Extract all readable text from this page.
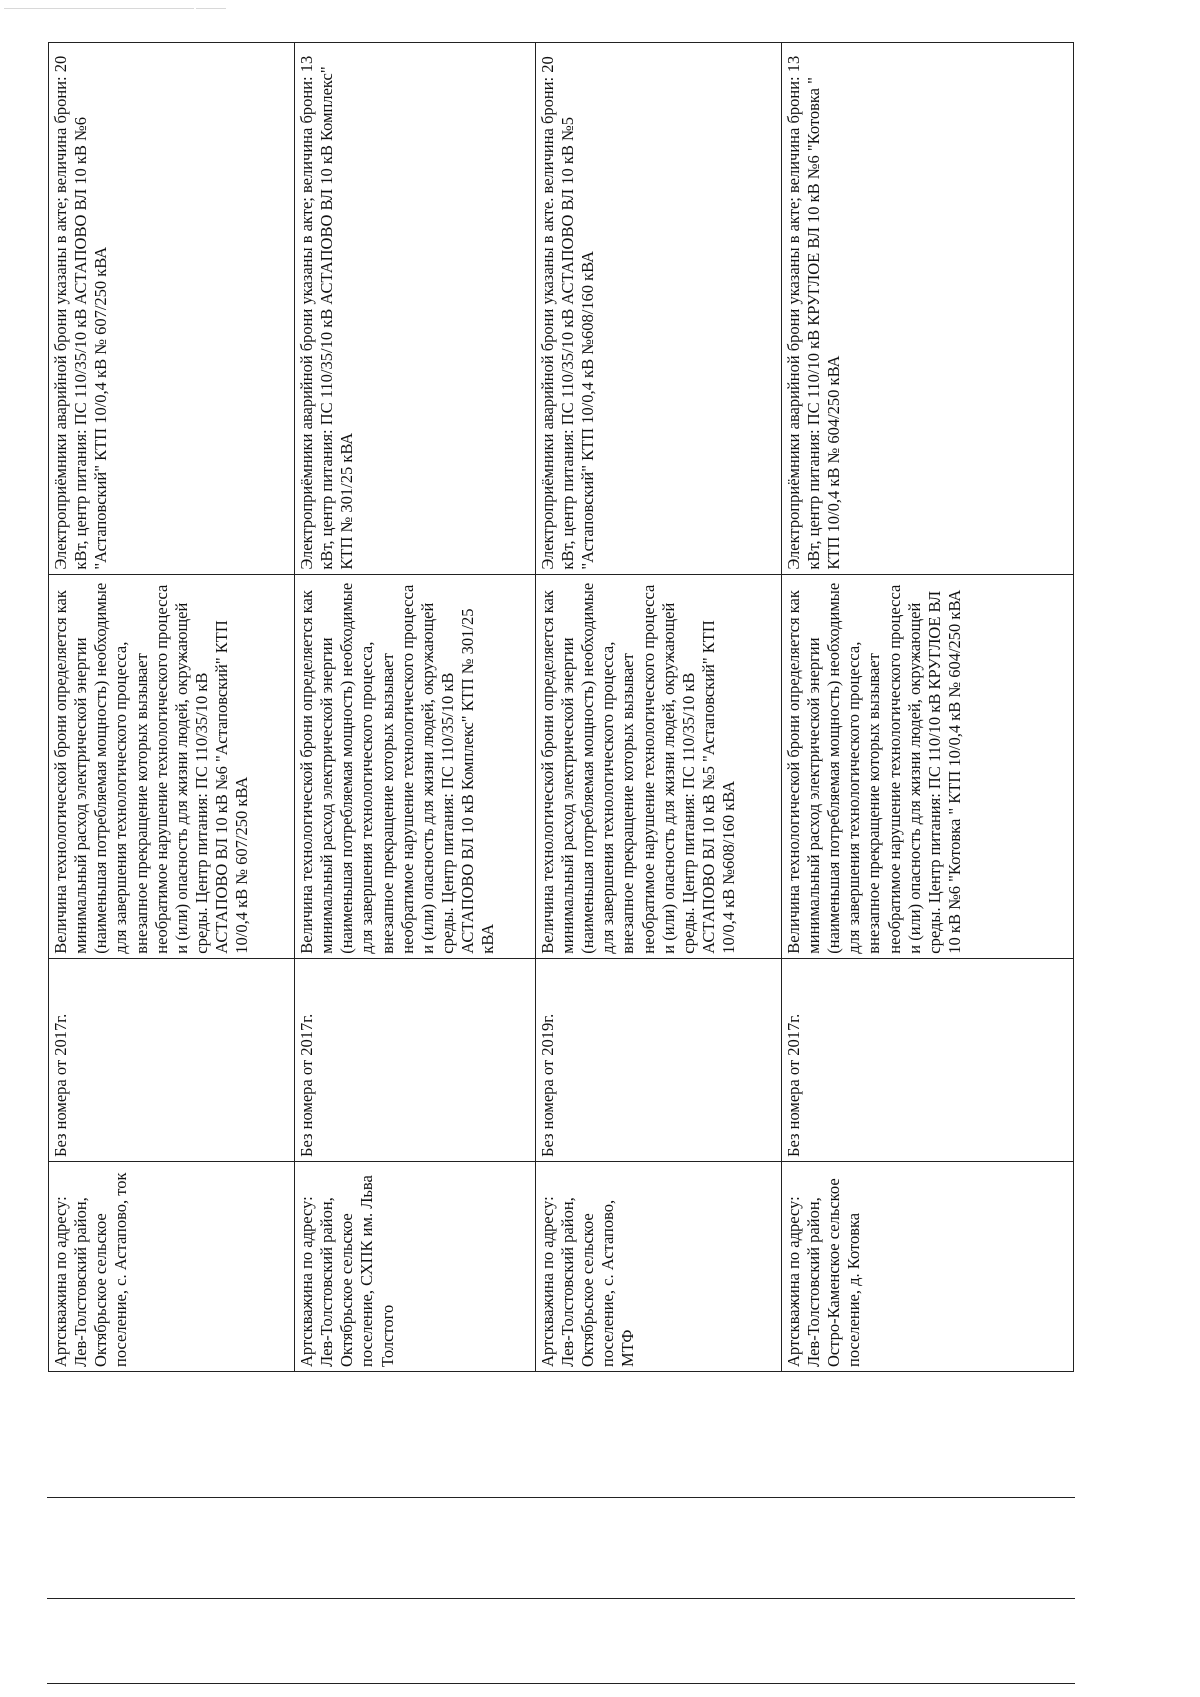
Артскважина по адресу: Лев-Толстовский район, Октябрьское сельское поселение, с. Астапово, ток	Без номера от 2017г.	Величина технологической брони определяется как минимальный расход электрической энергии (наименьшая потребляемая мощность) необходимые для завершения технологического процесса, внезапное прекращение которых вызывает необратимое нарушение технологического процесса и (или) опасность для жизни людей, окружающей среды. Центр питания: ПС 110/35/10 кВ АСТАПОВО ВЛ 10 кВ №6 "Астаповский" КТП 10/0,4 кВ № 607/250 кВА	Электроприёмники аварийной брони указаны в акте; величина брони: 20 кВт, центр питания: ПС 110/35/10 кВ АСТАПОВО ВЛ 10 кВ №6 "Астаповский" КТП 10/0,4 кВ № 607/250 кВА
Артскважина по адресу: Лев-Толстовский район, Октябрьское сельское поселение, СХПК им. Льва Толстого	Без номера от 2017г.	Величина технологической брони определяется как минимальный расход электрической энергии (наименьшая потребляемая мощность) необходимые для завершения технологического процесса, внезапное прекращение которых вызывает необратимое нарушение технологического процесса и (или) опасность для жизни людей, окружающей среды. Центр питания: ПС 110/35/10 кВ АСТАПОВО ВЛ 10 кВ Комплекс" КТП № 301/25 кВА	Электроприёмники аварийной брони указаны в акте; величина брони: 13 кВт, центр питания: ПС 110/35/10 кВ АСТАПОВО ВЛ 10 кВ Комплекс" КТП № 301/25 кВА
Артскважина по адресу: Лев-Толстовский район, Октябрьское сельское поселение, с. Астапово, МТФ	Без номера от 2019г.	Величина технологической брони определяется как минимальный расход электрической энергии (наименьшая потребляемая мощность) необходимые для завершения технологического процесса, внезапное прекращение которых вызывает необратимое нарушение технологического процесса и (или) опасность для жизни людей, окружающей среды. Центр питания: ПС 110/35/10 кВ АСТАПОВО ВЛ 10 кВ №5 "Астаповский" КТП 10/0,4 кВ №608/160 кВА	Электроприёмники аварийной брони указаны в акте. величина брони: 20 кВт, центр питания: ПС 110/35/10 кВ АСТАПОВО ВЛ 10 кВ №5 "Астаповский" КТП 10/0,4 кВ №608/160 кВА
Артскважина по адресу: Лев-Толстовский район, Остро-Каменское сельское поселение, д. Котовка	Без номера от 2017г.	Величина технологической брони определяется как минимальный расход электрической энергии (наименьшая потребляемая мощность) необходимые для завершения технологического процесса, внезапное прекращение которых вызывает необратимое нарушение технологического процесса и (или) опасность для жизни людей, окружающей среды. Центр питания: ПС 110/10 кВ КРУГЛОЕ ВЛ 10 кВ №6 "Котовка " КТП 10/0,4 кВ № 604/250 кВА	Электроприёмники аварийной брони указаны в акте; величина брони: 13 кВт, центр питания: ПС 110/10 кВ КРУГЛОЕ ВЛ 10 кВ №6 "Котовка " КТП 10/0,4 кВ № 604/250 кВА
